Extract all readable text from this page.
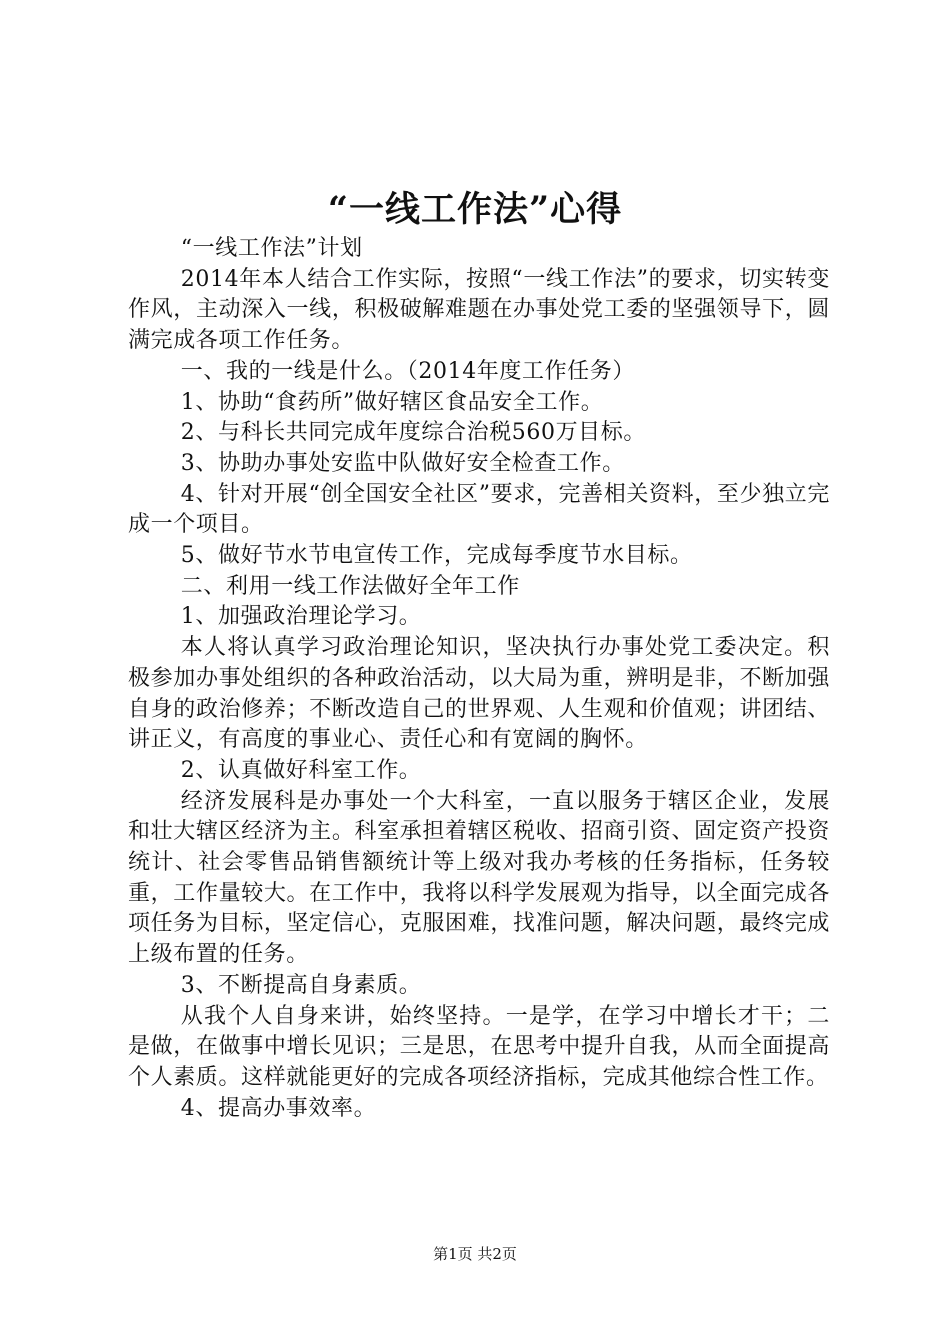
“一线工作法”心得

“一线工作法”计划

2014年本人结合工作实际，按照“一线工作法”的要求，切实转变作风，主动深入一线，积极破解难题在办事处党工委的坚强领导下，圆满完成各项工作任务。

一、我的一线是什么。（2014年度工作任务）

1、协助“食药所”做好辖区食品安全工作。

2、与科长共同完成年度综合治税560万目标。

3、协助办事处安监中队做好安全检查工作。

4、针对开展“创全国安全社区”要求，完善相关资料，至少独立完成一个项目。

5、做好节水节电宣传工作，完成每季度节水目标。

二、利用一线工作法做好全年工作

1、加强政治理论学习。

本人将认真学习政治理论知识，坚决执行办事处党工委决定。积极参加办事处组织的各种政治活动，以大局为重，辨明是非，不断加强自身的政治修养；不断改造自己的世界观、人生观和价值观；讲团结、讲正义，有高度的事业心、责任心和有宽阔的胸怀。

2、认真做好科室工作。

经济发展科是办事处一个大科室，一直以服务于辖区企业，发展和壮大辖区经济为主。科室承担着辖区税收、招商引资、固定资产投资统计、社会零售品销售额统计等上级对我办考核的任务指标，任务较重，工作量较大。在工作中，我将以科学发展观为指导，以全面完成各项任务为目标，坚定信心，克服困难，找准问题，解决问题，最终完成上级布置的任务。

3、不断提高自身素质。

从我个人自身来讲，始终坚持。一是学，在学习中增长才干；二是做，在做事中增长见识；三是思，在思考中提升自我，从而全面提高个人素质。这样就能更好的完成各项经济指标，完成其他综合性工作。

4、提高办事效率。

第1页 共2页
